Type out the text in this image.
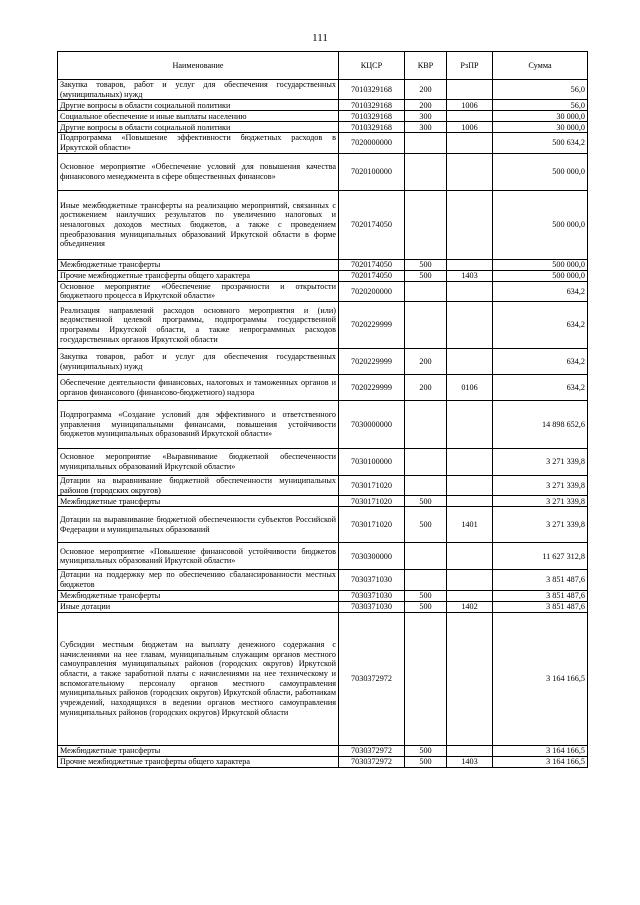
111
Наименование	КЦСР	КВР	РзПР	Сумма
Закупка товаров, работ и услуг для обеспечения государственных (муниципальных) нужд	7010329168	200		56,0
Другие вопросы в области социальной политики	7010329168	200	1006	56,0
Социальное обеспечение и иные выплаты населению	7010329168	300		30 000,0
Другие вопросы в области социальной политики	7010329168	300	1006	30 000,0
Подпрограмма «Повышение эффективности бюджетных расходов в Иркутской области»	7020000000			500 634,2
Основное мероприятие «Обеспечение условий для повышения качества финансового менеджмента в сфере общественных финансов»	7020100000			500 000,0
Иные межбюджетные трансферты на реализацию мероприятий, связанных с достижением наилучших результатов по увеличению налоговых и неналоговых доходов местных бюджетов, а также с проведением преобразования муниципальных образований Иркутской области в форме объединения	7020174050			500 000,0
Межбюджетные трансферты	7020174050	500		500 000,0
Прочие межбюджетные трансферты общего характера	7020174050	500	1403	500 000,0
Основное мероприятие «Обеспечение прозрачности и открытости бюджетного процесса в Иркутской области»	7020200000			634,2
Реализация направлений расходов основного мероприятия и (или) ведомственной целевой программы, подпрограммы государственной программы Иркутской области, а также непрограммных расходов государственных органов Иркутской области	7020229999			634,2
Закупка товаров, работ и услуг для обеспечения государственных (муниципальных) нужд	7020229999	200		634,2
Обеспечение деятельности финансовых, налоговых и таможенных органов и органов финансового (финансово-бюджетного) надзора	7020229999	200	0106	634,2
Подпрограмма «Создание условий для эффективного и ответственного управления муниципальными финансами, повышения устойчивости бюджетов муниципальных образований Иркутской области»	7030000000			14 898 652,6
Основное мероприятие «Выравнивание бюджетной обеспеченности муниципальных образований Иркутской области»	7030100000			3 271 339,8
Дотации на выравнивание бюджетной обеспеченности муниципальных районов (городских округов)	7030171020			3 271 339,8
Межбюджетные трансферты	7030171020	500		3 271 339,8
Дотации на выравнивание бюджетной обеспеченности субъектов Российской Федерации и муниципальных образований	7030171020	500	1401	3 271 339,8
Основное мероприятие «Повышение финансовой устойчивости бюджетов муниципальных образований Иркутской области»	7030300000			11 627 312,8
Дотации на поддержку мер по обеспечению сбалансированности местных бюджетов	7030371030			3 851 487,6
Межбюджетные трансферты	7030371030	500		3 851 487,6
Иные дотации	7030371030	500	1402	3 851 487,6
Субсидии местным бюджетам на выплату денежного содержания с начислениями на нее главам, муниципальным служащим органов местного самоуправления муниципальных районов (городских округов) Иркутской области, а также заработной платы с начислениями на нее техническому и вспомогательному персоналу органов местного самоуправления муниципальных районов (городских округов) Иркутской области, работникам учреждений, находящихся в ведении органов местного самоуправления муниципальных районов (городских округов) Иркутской области	7030372972			3 164 166,5
Межбюджетные трансферты	7030372972	500		3 164 166,5
Прочие межбюджетные трансферты общего характера	7030372972	500	1403	3 164 166,5
